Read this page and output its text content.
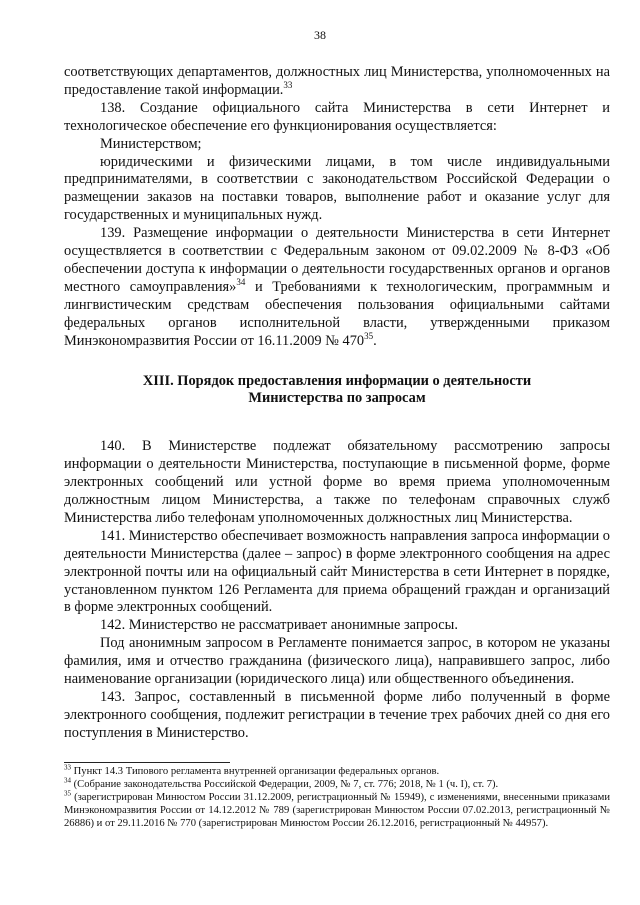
38

соответствующих департаментов, должностных лиц Министерства, уполномоченных на предоставление такой информации.$^{33}$

138. Создание официального сайта Министерства в сети Интернет и технологическое обеспечение его функционирования осуществляется:

Министерством;

юридическими и физическими лицами, в том числе индивидуальными предпринимателями, в соответствии с законодательством Российской Федерации о размещении заказов на поставки товаров, выполнение работ и оказание услуг для государственных и муниципальных нужд.

139. Размещение информации о деятельности Министерства в сети Интернет осуществляется в соответствии с Федеральным законом от 09.02.2009 № 8-ФЗ «Об обеспечении доступа к информации о деятельности государственных органов и органов местного самоуправления»$^{34}$ и Требованиями к технологическим, программным и лингвистическим средствам обеспечения пользования официальными сайтами федеральных органов исполнительной власти, утвержденными приказом Минэкономразвития России от 16.11.2009 № $470^{35}$.

XIII. Порядок предоставления информации о деятельности
Министерства по запросам

140. В Министерстве подлежат обязательному рассмотрению запросы информации о деятельности Министерства, поступающие в письменной форме, форме электронных сообщений или устной форме во время приема уполномоченным должностным лицом Министерства, а также по телефонам справочных служб Министерства либо телефонам уполномоченных должностных лиц Министерства.

141. Министерство обеспечивает возможность направления запроса информации о деятельности Министерства (далее – запрос) в форме электронного сообщения на адрес электронной почты или на официальный сайт Министерства в сети Интернет в порядке, установленном пунктом 126 Регламента для приема обращений граждан и организаций в форме электронных сообщений.

142. Министерство не рассматривает анонимные запросы.

Под анонимным запросом в Регламенте понимается запрос, в котором не указаны фамилия, имя и отчество гражданина (физического лица), направившего запрос, либо наименование организации (юридического лица) или общественного объединения.

143. Запрос, составленный в письменной форме либо полученный в форме электронного сообщения, подлежит регистрации в течение трех рабочих дней со дня его поступления в Министерство.

$^{33}$ Пункт 14.3 Типового регламента внутренней организации федеральных органов.

$^{34}$ (Собрание законодательства Российской Федерации, 2009, № 7, ст. 776; 2018, № 1 (ч. I), ст. 7).

$^{35}$ (зарегистрирован Минюстом России 31.12.2009, регистрационный № 15949), с изменениями, внесенными приказами Минэкономразвития России от 14.12.2012 № 789 (зарегистрирован Минюстом России 07.02.2013, регистрационный № 26886) и от 29.11.2016 № 770 (зарегистрирован Минюстом России 26.12.2016, регистрационный № 44957).
